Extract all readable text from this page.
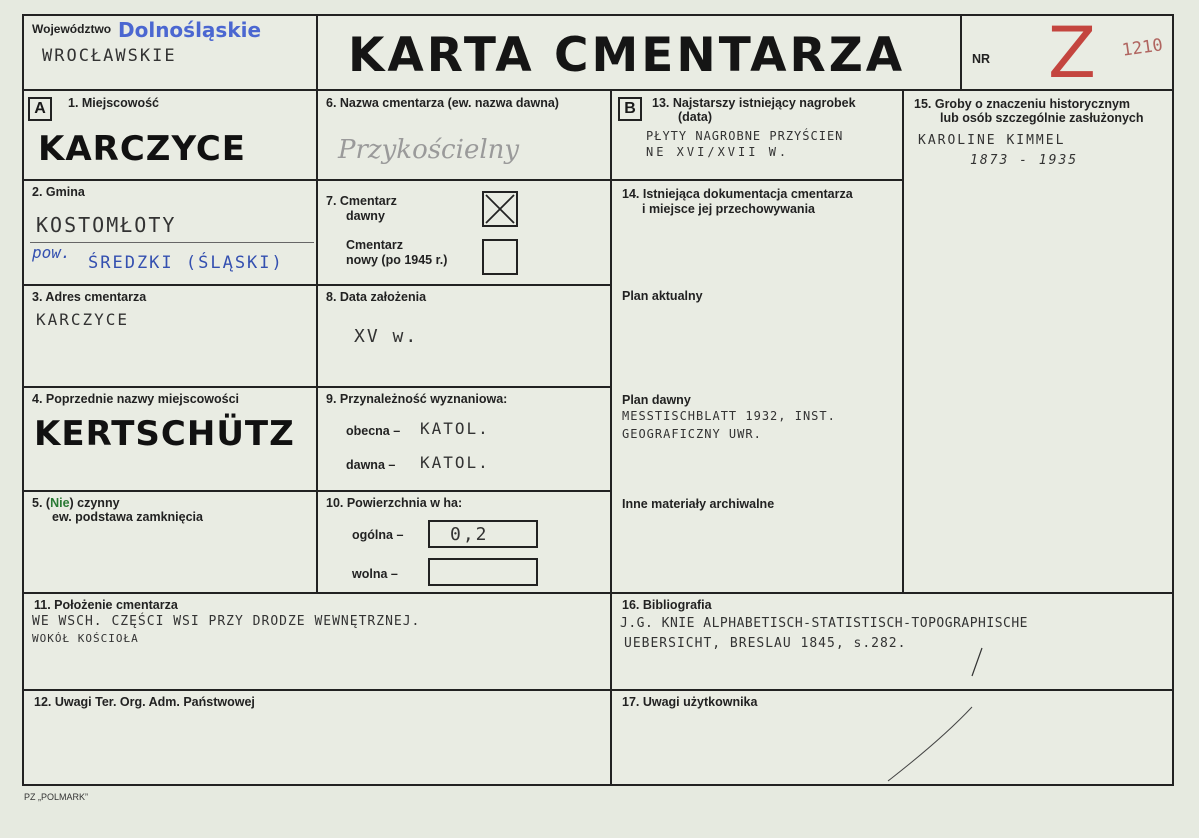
Województwo Dolnośląskie
WROCŁAWSKIE	KARTA CMENTARZA	NR Z 1210
A	1. Miejscowość
KARCZYCE
2. Gmina
KOSTOMŁOTY
pow.
ŚREDZKI (ŚLĄSKI)
3. Adres cmentarza
KARCZYCE
4. Poprzednie nazwy miejscowości
KERTSCHÜTZ
5. (Nie) czynny
ew. podstawa zamknięcia
6. Nazwa cmentarza (ew. nazwa dawna)
Przykościelny
7. Cmentarz
dawny
Cmentarz
nowy (po 1945 r.)
8. Data założenia
XV w.
9. Przynależność wyznaniowa:
obecna – KATOL.
dawna – KATOL.
10. Powierzchnia w ha:
ogólna –	0,2
wolna –
B	13. Najstarszy istniejący nagrobek
(data)
PŁYTY NAGROBNE PRZYŚCIEN
NE XVI/XVII W.
14. Istniejąca dokumentacja cmentarza
i miejsce jej przechowywania
Plan aktualny
Plan dawny
MESSTISCHBLATT 1932, INST.
GEOGRAFICZNY UWR.
Inne materiały archiwalne
15. Groby o znaczeniu historycznym
lub osób szczególnie zasłużonych
KAROLINE KIMMEL
1873 - 1935
11. Położenie cmentarza
WE WSCH. CZĘŚCI WSI PRZY DRODZE WEWNĘTRZNEJ.
WOKÓŁ KOŚCIOŁA
16. Bibliografia
J.G. KNIE ALPHABETISCH-STATISTISCH-TOPOGRAPHISCHE
UEBERSICHT, BRESLAU 1845, s.282.
12. Uwagi Ter. Org. Adm. Państwowej	17. Uwagi użytkownika
PZ „POLMARK”
